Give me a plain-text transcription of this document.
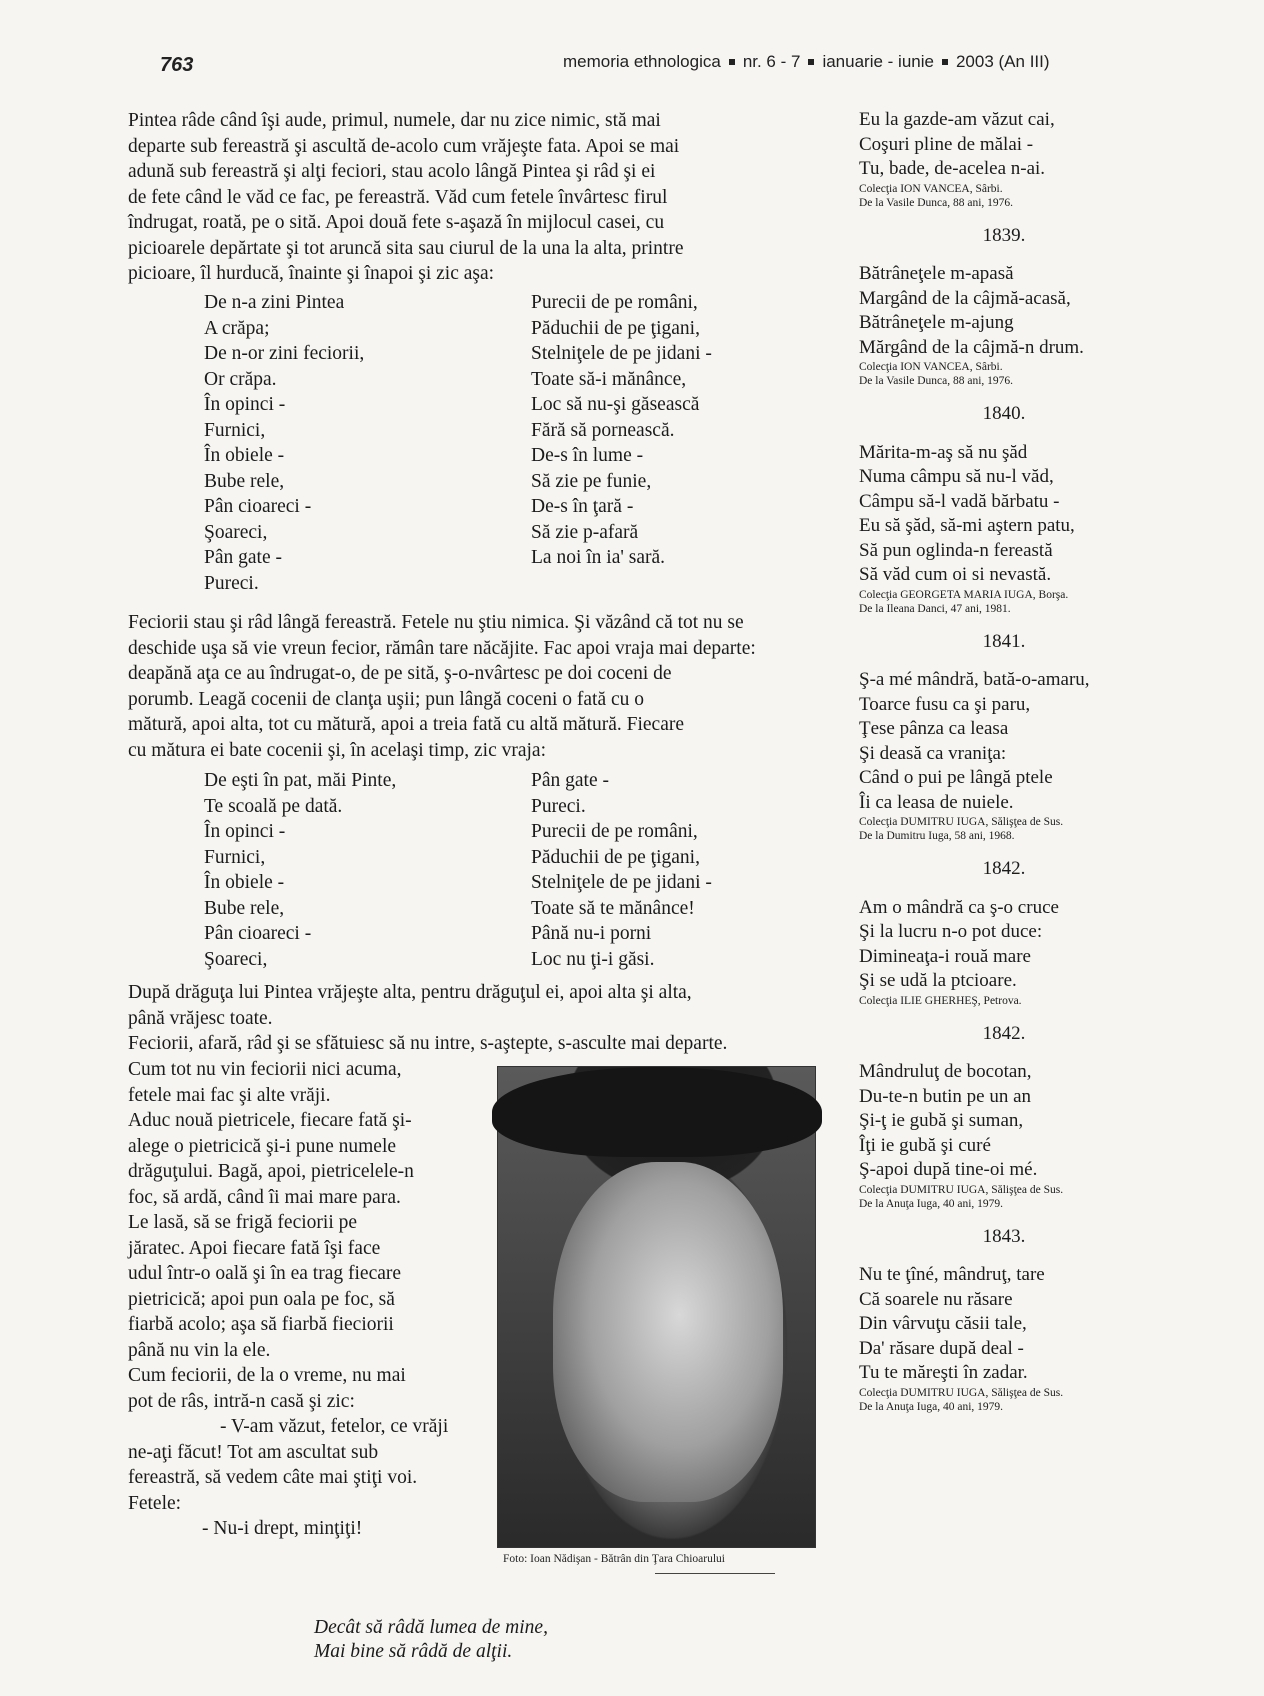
763	memoria ethnologica nr. 6 - 7 ianuarie - iunie 2003 (An III)
Pintea râde când îşi aude, primul, numele, dar nu zice nimic, stă mai
departe sub fereastră şi ascultă de-acolo cum vrăjeşte fata. Apoi se mai
adună sub fereastră şi alţi feciori, stau acolo lângă Pintea şi râd şi ei
de fete când le văd ce fac, pe fereastră. Văd cum fetele învârtesc firul
îndrugat, roată, pe o sită. Apoi două fete s-aşază în mijlocul casei, cu
picioarele depărtate şi tot aruncă sita sau ciurul de la una la alta, printre
picioare, îl hurducă, înainte şi înapoi şi zic aşa:
De n-a zini Pintea
A crăpa;
De n-or zini feciorii,
Or crăpa.
În opinci -
Furnici,
În obiele -
Bube rele,
Pân cioareci -
Şoareci,
Pân gate -
Pureci.
Purecii de pe români,
Păduchii de pe ţigani,
Stelniţele de pe jidani -
Toate să-i mănânce,
Loc să nu-şi găsească
Fără să pornească.
De-s în lume -
Să zie pe funie,
De-s în ţară -
Să zie p-afară
La noi în ia' sară.
Feciorii stau şi râd lângă fereastră. Fetele nu ştiu nimica. Şi văzând că tot nu se
deschide uşa să vie vreun fecior, rămân tare năcăjite. Fac apoi vraja mai departe:
deapănă aţa ce au îndrugat-o, de pe sită, ş-o-nvârtesc pe doi coceni de
porumb. Leagă cocenii de clanţa uşii; pun lângă coceni o fată cu o
mătură, apoi alta, tot cu mătură, apoi a treia fată cu altă mătură. Fiecare
cu mătura ei bate cocenii şi, în acelaşi timp, zic vraja:
De eşti în pat, măi Pinte,
Te scoală pe dată.
În opinci -
Furnici,
În obiele -
Bube rele,
Pân cioareci -
Şoareci,
Pân gate -
Pureci.
Purecii de pe români,
Păduchii de pe ţigani,
Stelniţele de pe jidani -
Toate să te mănânce!
Până nu-i porni
Loc nu ţi-i găsi.
După drăguţa lui Pintea vrăjeşte alta, pentru drăguţul ei, apoi alta şi alta,
până vrăjesc toate.
Feciorii, afară, râd şi se sfătuiesc să nu intre, s-aştepte, s-asculte mai departe.
Cum tot nu vin feciorii nici acuma,
fetele mai fac şi alte vrăji.
Aduc nouă pietricele, fiecare fată şi-
alege o pietricică şi-i pune numele
drăguţului. Bagă, apoi, pietricelele-n
foc, să ardă, când îi mai mare para.
Le lasă, să se frigă feciorii pe
jăratec. Apoi fiecare fată îşi face
udul într-o oală şi în ea trag fiecare
pietricică; apoi pun oala pe foc, să
fiarbă acolo; aşa să fiarbă fieciorii
până nu vin la ele.
Cum feciorii, de la o vreme, nu mai
pot de râs, intră-n casă şi zic:
- V-am văzut, fetelor, ce vrăji
ne-aţi făcut! Tot am ascultat sub
fereastră, să vedem câte mai ştiţi voi.
Fetele:
- Nu-i drept, minţiţi!
Foto: Ioan Nădişan - Bătrân din Ţara Chioarului
Decât să râdă lumea de mine,
Mai bine să râdă de alţii.
Eu la gazde-am văzut cai,
Coşuri pline de mălai -
Tu, bade, de-acelea n-ai.
Colecţia ION VANCEA, Sârbi.
De la Vasile Dunca, 88 ani, 1976.
1839.
Bătrâneţele m-apasă
Margând de la câjmă-acasă,
Bătrâneţele m-ajung
Mărgând de la câjmă-n drum.
Colecţia ION VANCEA, Sârbi.
De la Vasile Dunca, 88 ani, 1976.
1840.
Mărita-m-aş să nu şăd
Numa câmpu să nu-l văd,
Câmpu să-l vadă bărbatu -
Eu să şăd, să-mi aştern patu,
Să pun oglinda-n fereastă
Să văd cum oi si nevastă.
Colecţia GEORGETA MARIA IUGA, Borşa.
De la Ileana Danci, 47 ani, 1981.
1841.
Ş-a mé mândră, bată-o-amaru,
Toarce fusu ca şi paru,
Ţese pânza ca leasa
Şi deasă ca vraniţa:
Când o pui pe lângă ptele
Îi ca leasa de nuiele.
Colecţia DUMITRU IUGA, Sălişţea de Sus.
De la Dumitru Iuga, 58 ani, 1968.
1842.
Am o mândră ca ş-o cruce
Şi la lucru n-o pot duce:
Dimineaţa-i rouă mare
Şi se udă la ptcioare.
Colecţia ILIE GHERHEŞ, Petrova.
1842.
Mândruluţ de bocotan,
Du-te-n butin pe un an
Şi-ţ ie gubă şi suman,
Îţi ie gubă şi curé
Ş-apoi după tine-oi mé.
Colecţia DUMITRU IUGA, Sălişţea de Sus.
De la Anuţa Iuga, 40 ani, 1979.
1843.
Nu te ţîné, mândruţ, tare
Că soarele nu răsare
Din vârvuţu căsii tale,
Da' răsare după deal -
Tu te măreşti în zadar.
Colecţia DUMITRU IUGA, Sălişţea de Sus.
De la Anuţa Iuga, 40 ani, 1979.
